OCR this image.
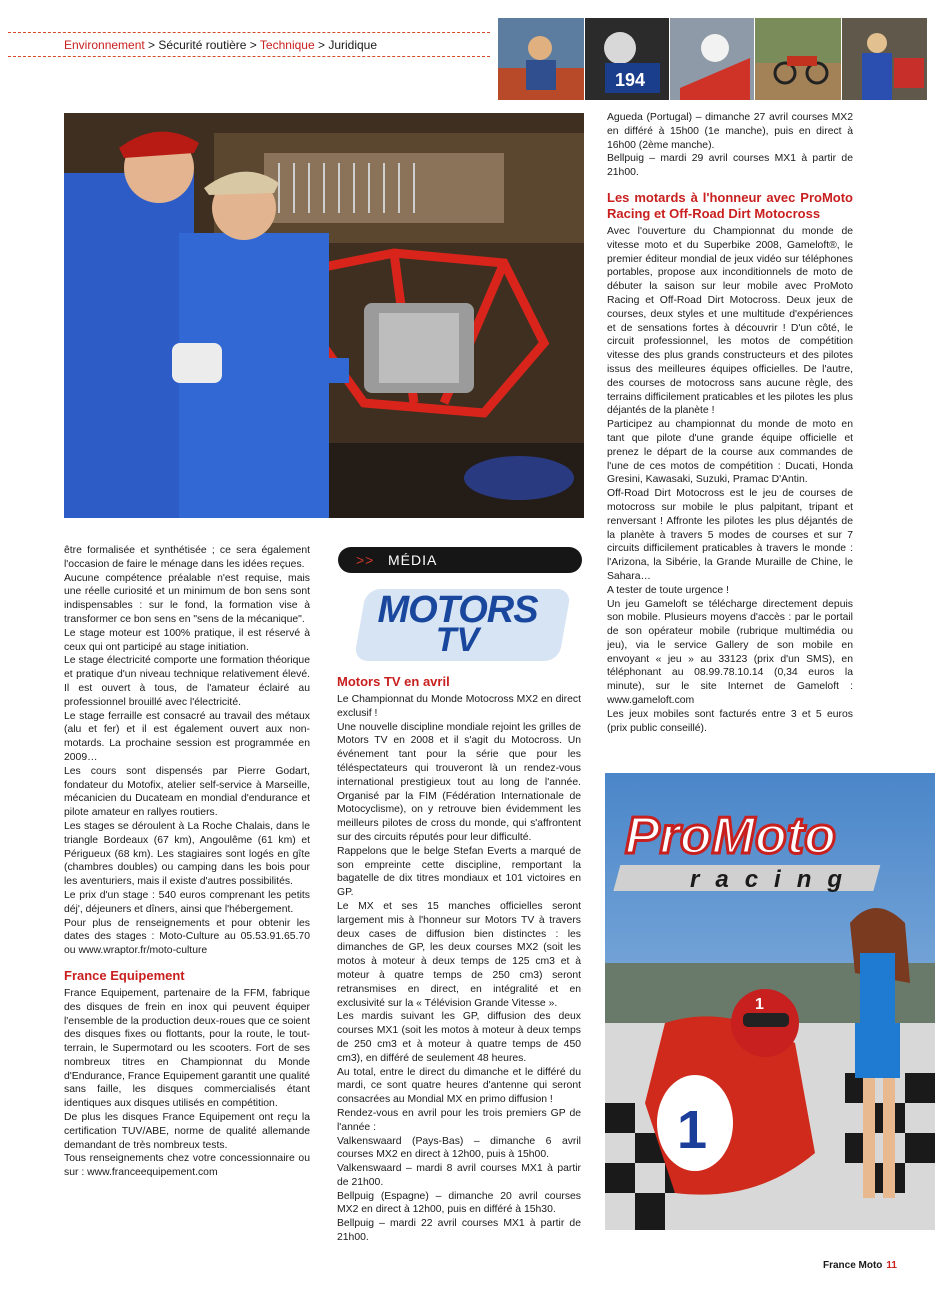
Environnement > Sécurité routière > Technique > Juridique
194

être formalisée et synthétisée ; ce sera également l'occasion de faire le ménage dans les idées reçues.

Aucune compétence préalable n'est requise, mais une réelle curiosité et un minimum de bon sens sont indispensables : sur le fond, la formation vise à transformer ce bon sens en "sens de la mécanique".

Le stage moteur est 100% pratique, il est réservé à ceux qui ont participé au stage initiation.

Le stage électricité comporte une formation théorique et pratique d'un niveau technique relativement élevé. Il est ouvert à tous, de l'amateur éclairé au professionnel brouillé avec l'électricité.

Le stage ferraille est consacré au travail des métaux (alu et fer) et il est également ouvert aux non-motards. La prochaine session est programmée en 2009…

Les cours sont dispensés par Pierre Godart, fondateur du Motofix, atelier self-service à Marseille, mécanicien du Ducateam en mondial d'endurance et pilote amateur en rallyes routiers.

Les stages se déroulent à La Roche Chalais, dans le triangle Bordeaux (67 km), Angoulême (61 km) et Périgueux (68 km). Les stagiaires sont logés en gîte (chambres doubles) ou camping dans les bois pour les aventuriers, mais il existe d'autres possibilités.

Le prix d'un stage : 540 euros comprenant les petits déj', déjeuners et dîners, ainsi que l'hébergement.

Pour plus de renseignements et pour obtenir les dates des stages : Moto-Culture au 05.53.91.65.70 ou www.wraptor.fr/moto-culture

France Equipement

France Equipement, partenaire de la FFM, fabrique des disques de frein en inox qui peuvent équiper l'ensemble de la production deux-roues que ce soient des disques fixes ou flottants, pour la route, le tout-terrain, le Supermotard ou les scooters. Fort de ses nombreux titres en Championnat du Monde d'Endurance, France Equipement garantit une qualité sans faille, les disques commercialisés étant identiques aux disques utilisés en compétition.

De plus les disques France Equipement ont reçu la certification TUV/ABE, norme de qualité allemande demandant de très nombreux tests.

Tous renseignements chez votre concessionnaire ou sur : www.franceequipement.com

>> MÉDIA
MOTORS
TV
Motors TV en avril

Le Championnat du Monde Motocross MX2 en direct exclusif !

Une nouvelle discipline mondiale rejoint les grilles de Motors TV en 2008 et il s'agit du Motocross. Un événement tant pour la série que pour les téléspectateurs qui trouveront là un rendez-vous international prestigieux tout au long de l'année. Organisé par la FIM (Fédération Internationale de Motocyclisme), on y retrouve bien évidemment les meilleurs pilotes de cross du monde, qui s'affrontent sur des circuits réputés pour leur difficulté.

Rappelons que le belge Stefan Everts a marqué de son empreinte cette discipline, remportant la bagatelle de dix titres mondiaux et 101 victoires en GP.

Le MX et ses 15 manches officielles seront largement mis à l'honneur sur Motors TV à travers deux cases de diffusion bien distinctes : les dimanches de GP, les deux courses MX2 (soit les motos à moteur à deux temps de 125 cm3 et à moteur à quatre temps de 250 cm3) seront retransmises en direct, en intégralité et en exclusivité sur la « Télévision Grande Vitesse ».

Les mardis suivant les GP, diffusion des deux courses MX1 (soit les motos à moteur à deux temps de 250 cm3 et à moteur à quatre temps de 450 cm3), en différé de seulement 48 heures.

Au total, entre le direct du dimanche et le différé du mardi, ce sont quatre heures d'antenne qui seront consacrées au Mondial MX en primo diffusion !

Rendez-vous en avril pour les trois premiers GP de l'année :

Valkenswaard (Pays-Bas) – dimanche 6 avril courses MX2 en direct à 12h00, puis à 15h00.

Valkenswaard – mardi 8 avril courses MX1 à partir de 21h00.

Bellpuig (Espagne) – dimanche 20 avril courses MX2 en direct à 12h00, puis en différé à 15h30.

Bellpuig – mardi 22 avril courses MX1 à partir de 21h00.

Agueda (Portugal) – dimanche 27 avril courses MX2 en différé à 15h00 (1e manche), puis en direct à 16h00 (2ème manche).

Bellpuig – mardi 29 avril courses MX1 à partir de 21h00.

Les motards à l'honneur avec ProMoto Racing et Off-Road Dirt Motocross

Avec l'ouverture du Championnat du monde de vitesse moto et du Superbike 2008, Gameloft®, le premier éditeur mondial de jeux vidéo sur téléphones portables, propose aux inconditionnels de moto de débuter la saison sur leur mobile avec ProMoto Racing et Off-Road Dirt Motocross. Deux jeux de courses, deux styles et une multitude d'expériences et de sensations fortes à découvrir ! D'un côté, le circuit professionnel, les motos de compétition vitesse des plus grands constructeurs et des pilotes issus des meilleures équipes officielles. De l'autre, des courses de motocross sans aucune règle, des terrains difficilement praticables et les pilotes les plus déjantés de la planète !

Participez au championnat du monde de moto en tant que pilote d'une grande équipe officielle et prenez le départ de la course aux commandes de l'une de ces motos de compétition : Ducati, Honda Gresini, Kawasaki, Suzuki, Pramac D'Antin.

Off-Road Dirt Motocross est le jeu de courses de motocross sur mobile le plus palpitant, tripant et renversant ! Affronte les pilotes les plus déjantés de la planète à travers 5 modes de courses et sur 7 circuits difficilement praticables à travers le monde : l'Arizona, la Sibérie, la Grande Muraille de Chine, le Sahara…

A tester de toute urgence !

Un jeu Gameloft se télécharge directement depuis son mobile. Plusieurs moyens d'accès : par le portail de son opérateur mobile (rubrique multimédia ou jeu), via le service Gallery de son mobile en envoyant « jeu » au 33123 (prix d'un SMS), en téléphonant au 08.99.78.10.14 (0,34 euros la minute), sur le site Internet de Gameloft : www.gameloft.com

Les jeux mobiles sont facturés entre 3 et 5 euros (prix public conseillé).

ProMoto
racing
1
1
France Moto 11
